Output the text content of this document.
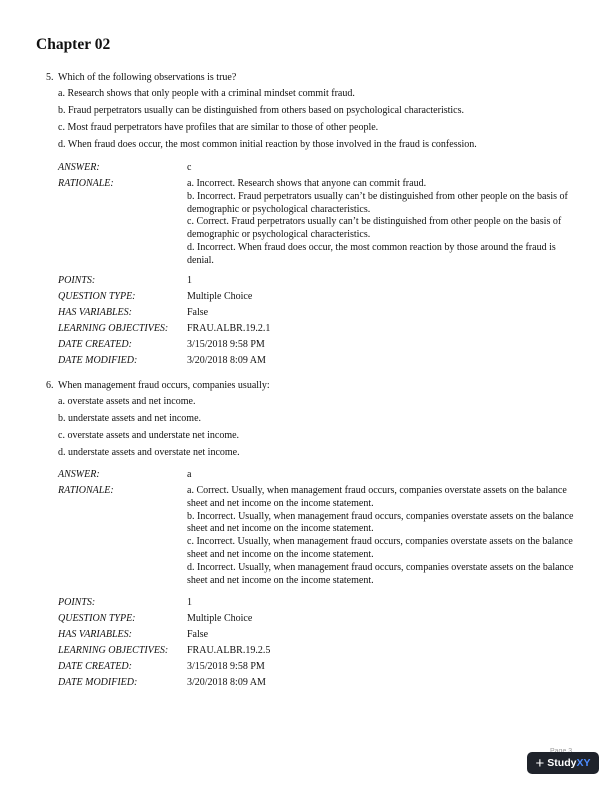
Chapter 02
5. Which of the following observations is true?
a. Research shows that only people with a criminal mindset commit fraud.
b. Fraud perpetrators usually can be distinguished from others based on psychological characteristics.
c. Most fraud perpetrators have profiles that are similar to those of other people.
d. When fraud does occur, the most common initial reaction by those involved in the fraud is confession.
ANSWER:	c
RATIONALE:	a. Incorrect. Research shows that anyone can commit fraud.
b. Incorrect. Fraud perpetrators usually can’t be distinguished from other people on the basis of demographic or psychological characteristics.
c. Correct. Fraud perpetrators usually can’t be distinguished from other people on the basis of demographic or psychological characteristics.
d. Incorrect. When fraud does occur, the most common reaction by those around the fraud is denial.
POINTS:	1
QUESTION TYPE:	Multiple Choice
HAS VARIABLES:	False
LEARNING OBJECTIVES: FRAU.ALBR.19.2.1
DATE CREATED:	3/15/2018 9:58 PM
DATE MODIFIED:	3/20/2018 8:09 AM
6. When management fraud occurs, companies usually:
a. overstate assets and net income.
b. understate assets and net income.
c. overstate assets and understate net income.
d. understate assets and overstate net income.
ANSWER:	a
RATIONALE:	a. Correct. Usually, when management fraud occurs, companies overstate assets on the balance sheet and net income on the income statement.
b. Incorrect. Usually, when management fraud occurs, companies overstate assets on the balance sheet and net income on the income statement.
c. Incorrect. Usually, when management fraud occurs, companies overstate assets on the balance sheet and net income on the income statement.
d. Incorrect. Usually, when management fraud occurs, companies overstate assets on the balance sheet and net income on the income statement.
POINTS:	1
QUESTION TYPE:	Multiple Choice
HAS VARIABLES:	False
LEARNING OBJECTIVES: FRAU.ALBR.19.2.5
DATE CREATED:	3/15/2018 9:58 PM
DATE MODIFIED:	3/20/2018 8:09 AM
+ StudyXY
